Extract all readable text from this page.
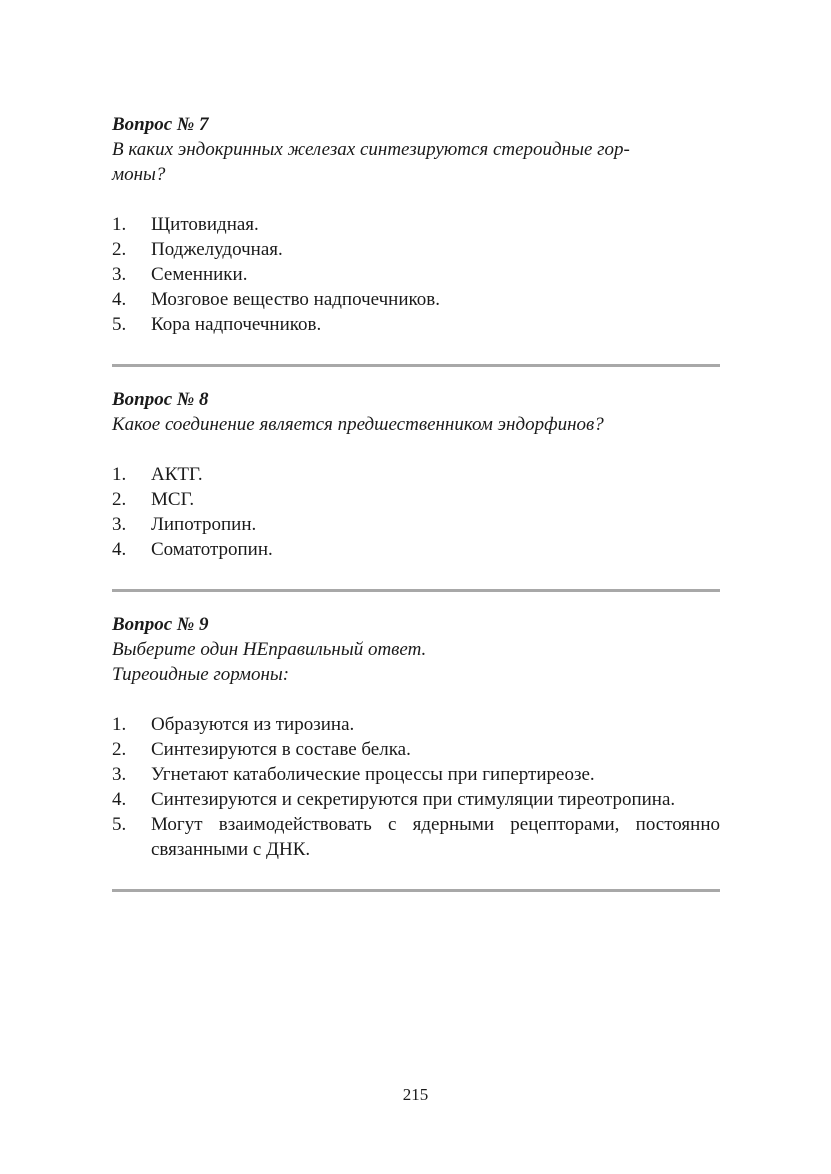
Вопрос № 7

В каких эндокринных железах синтезируются стероидные гор-

моны?

1.	Щитовидная.
2.	Поджелудочная.
3.	Семенники.
4.	Мозговое вещество надпочечников.
5.	Кора надпочечников.

Вопрос № 8

Какое соединение является предшественником эндорфинов?

1.	АКТГ.
2.	МСГ.
3.	Липотропин.
4.	Соматотропин.

Вопрос № 9

Выберите один НЕправильный ответ.

Тиреоидные гормоны:

1.	Образуются из тирозина.
2.	Синтезируются в составе белка.
3.	Угнетают катаболические процессы при гипертиреозе.
4.	Синтезируются и секретируются при стимуляции тиреотропина.
5.	Могут взаимодействовать с ядерными рецепторами, постоянно связанными с ДНК.
215
